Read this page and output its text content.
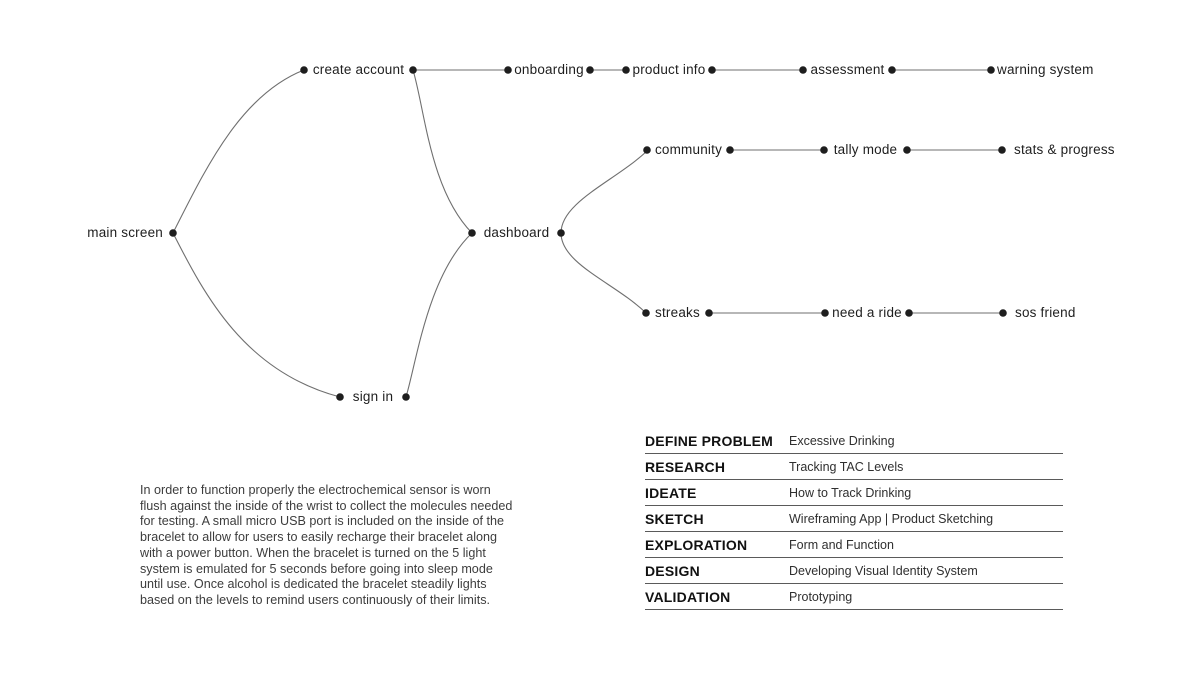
main screen
create account
sign in
dashboard
onboarding	product info	assessment	warning system
community	tally mode	stats & progress
streaks	need a ride	sos friend
In order to function properly the electrochemical sensor is worn
flush against the inside of the wrist to collect the molecules needed
for testing. A small micro USB port is included on the inside of the
bracelet to allow for users to easily recharge their bracelet along
with a power button. When the bracelet is turned on the 5 light
system is emulated for 5 seconds before going into sleep mode
until use. Once alcohol is dedicated the bracelet steadily lights
based on the levels to remind users continuously of their limits.
DEFINE PROBLEM	Excessive Drinking
RESEARCH	Tracking TAC Levels
IDEATE	How to Track Drinking
SKETCH	Wireframing App | Product Sketching
EXPLORATION	Form and Function
DESIGN	Developing Visual Identity System
VALIDATION	Prototyping
